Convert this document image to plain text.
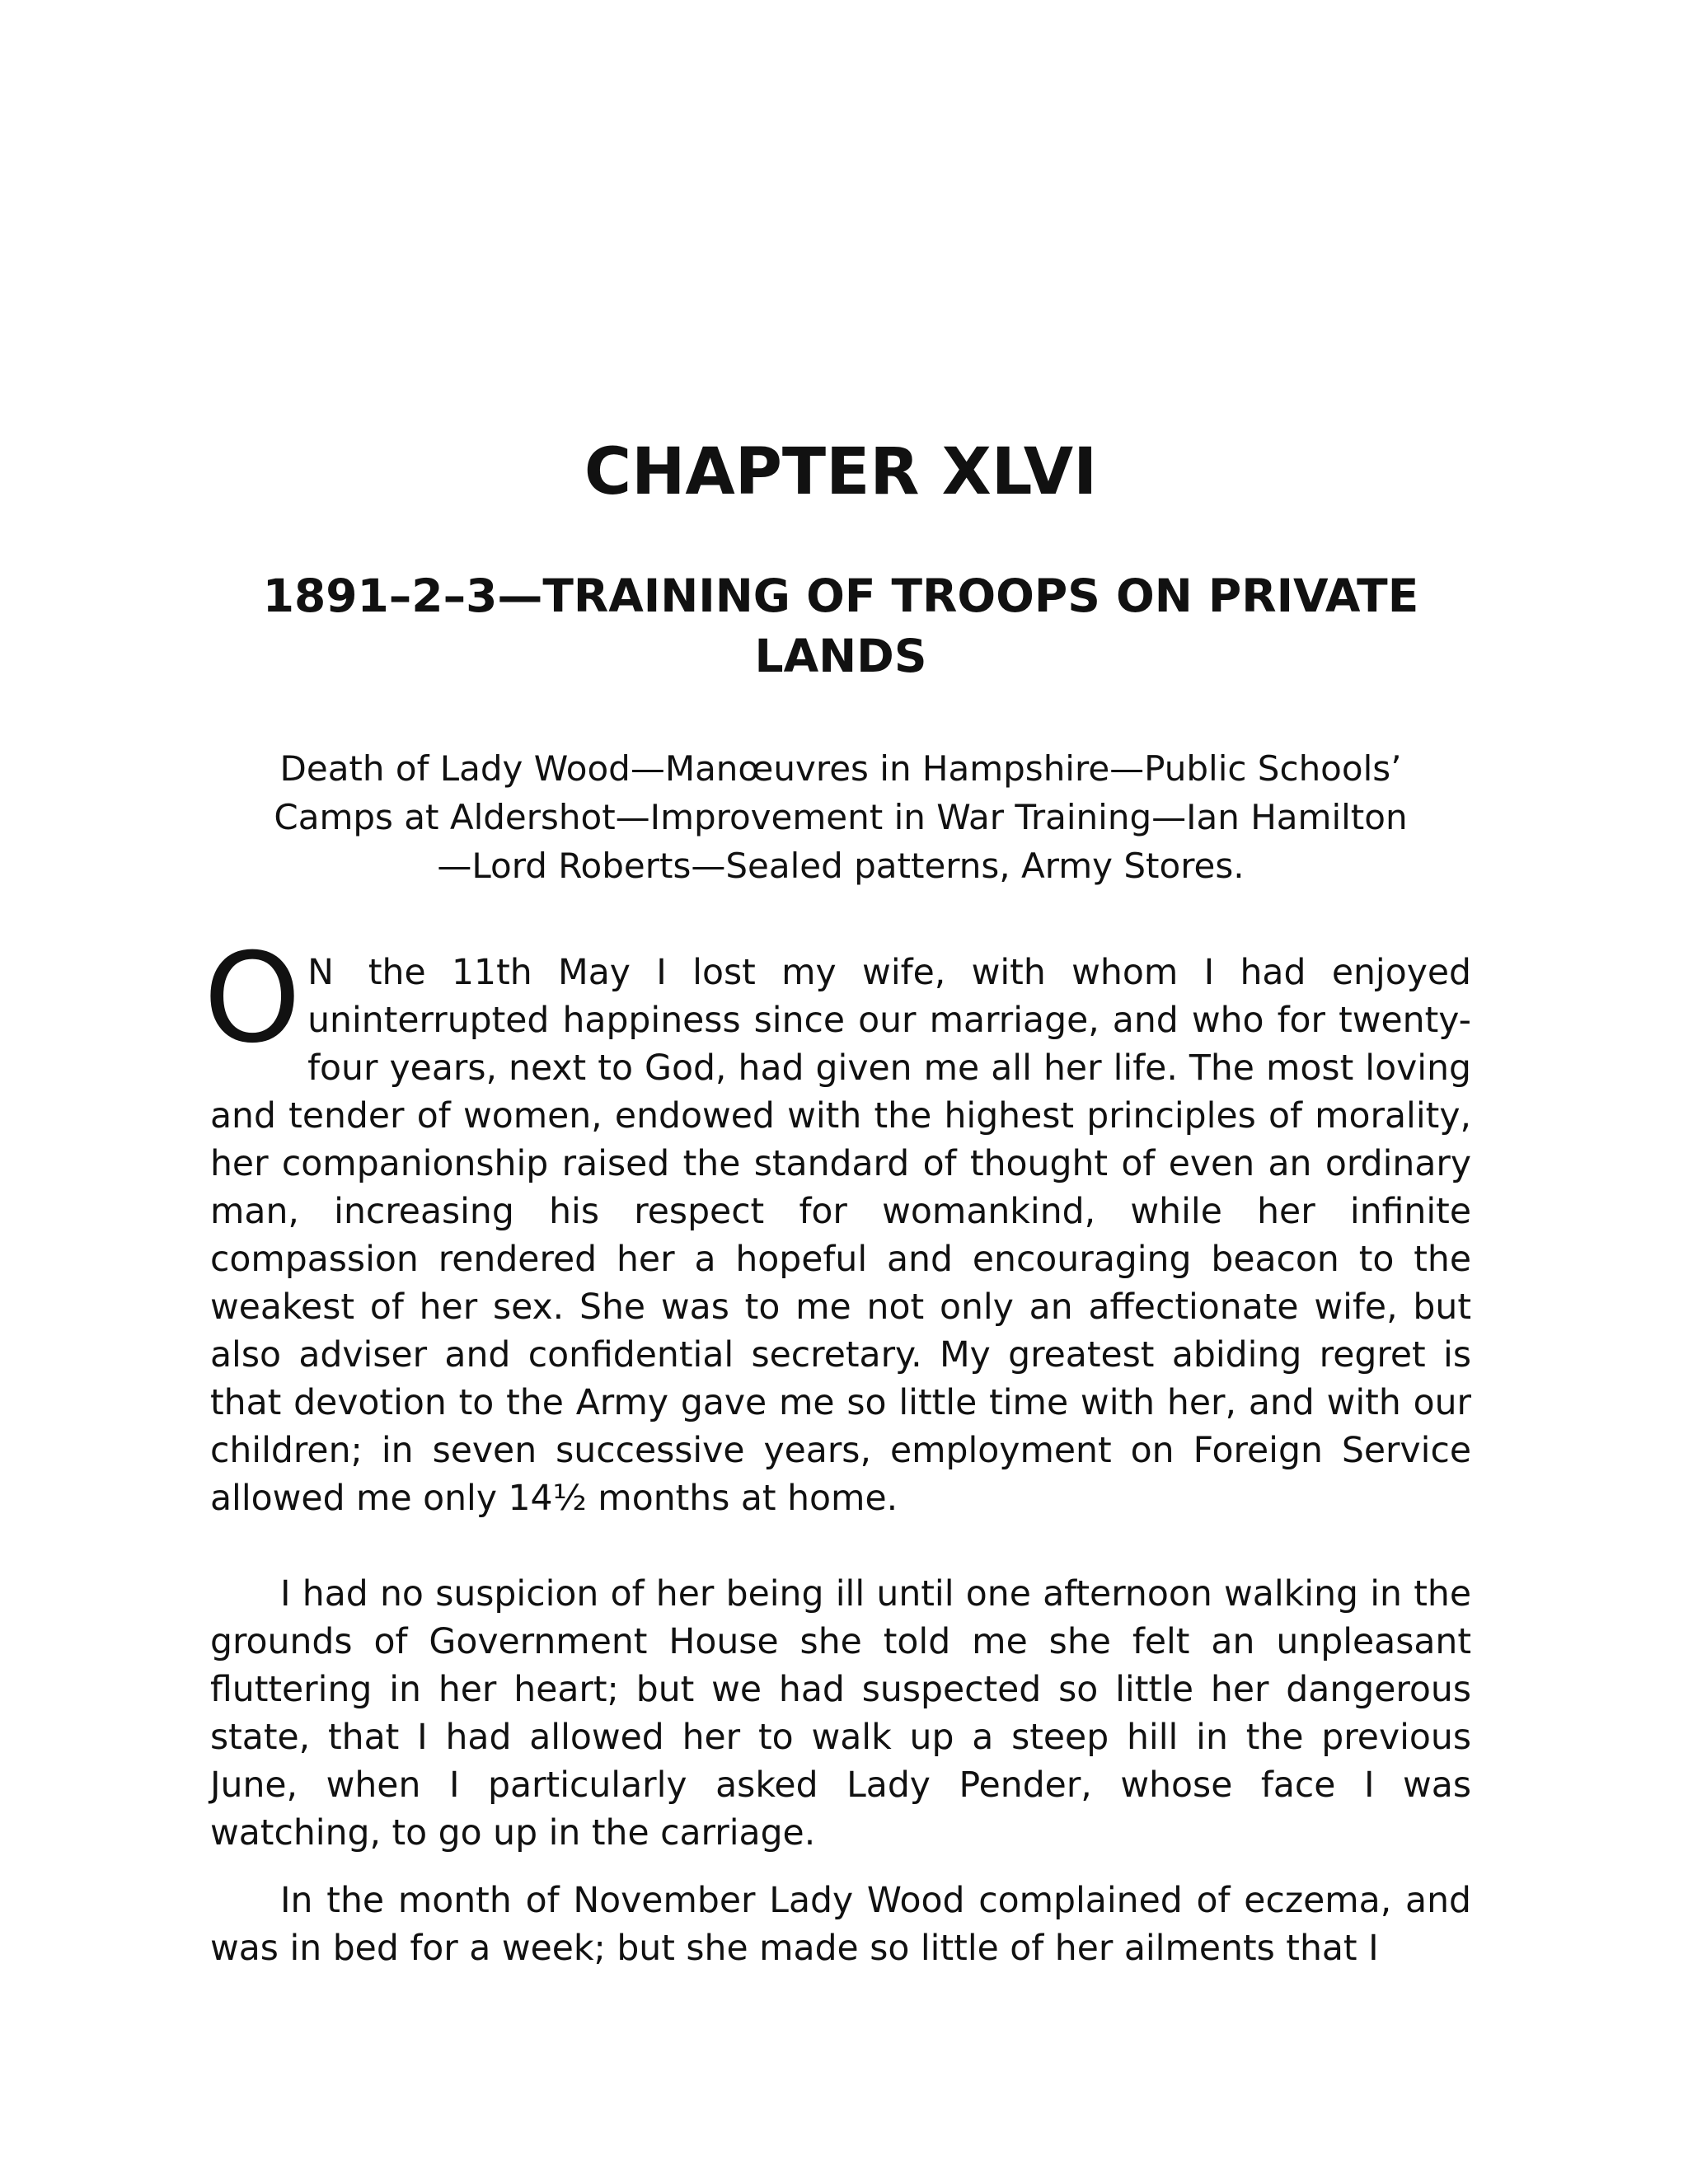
CHAPTER XLVI
1891–2–3—TRAINING OF TROOPS ON PRIVATE LANDS

Death of Lady Wood—Manœuvres in Hampshire—Public Schools’ Camps at Aldershot—Improvement in War Training—Ian Hamilton—Lord Roberts—Sealed patterns, Army Stores.

O N the 11th May I lost my wife, with whom I had enjoyed uninterrupted happiness since our marriage, and who for twenty-four years, next to God, had given me all her life. The most loving and tender of women, endowed with the highest principles of morality, her companionship raised the standard of thought of even an ordinary man, increasing his respect for womankind, while her infinite compassion rendered her a hopeful and encouraging beacon to the weakest of her sex. She was to me not only an affectionate wife, but also adviser and confidential secretary. My greatest abiding regret is that devotion to the Army gave me so little time with her, and with our children; in seven successive years, employment on Foreign Service allowed me only 14½ months at home.

I had no suspicion of her being ill until one afternoon walking in the grounds of Government House she told me she felt an unpleasant fluttering in her heart; but we had suspected so little her dangerous state, that I had allowed her to walk up a steep hill in the previous June, when I particularly asked Lady Pender, whose face I was watching, to go up in the carriage.

In the month of November Lady Wood complained of eczema, and was in bed for a week; but she made so little of her ailments that I
